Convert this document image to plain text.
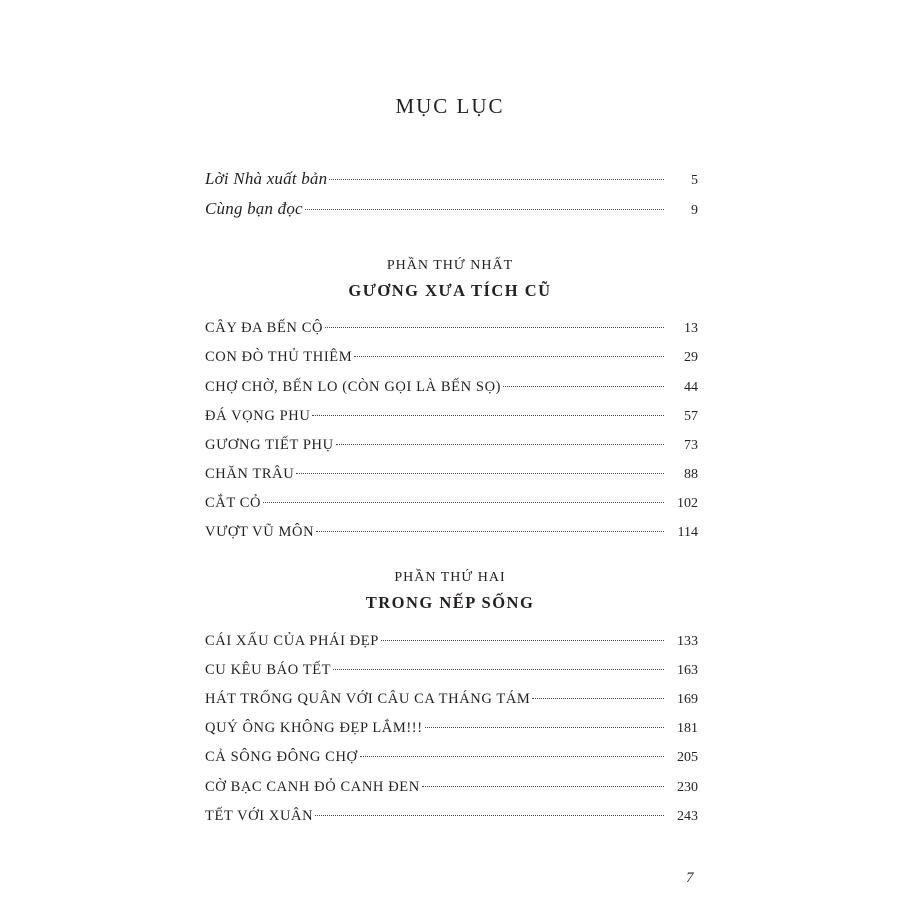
MỤC LỤC
Lời Nhà xuất bản	5
Cùng bạn đọc	9
PHẦN THỨ NHẤT
GƯƠNG XƯA TÍCH CŨ
CÂY ĐA BẾN CỘ	13
CON ĐÒ THỦ THIÊM	29
CHỢ CHỜ, BẾN LO (CÒN GỌI LÀ BẾN SỌ)	44
ĐÁ VỌNG PHU	57
GƯƠNG TIẾT PHỤ	73
CHĂN TRÂU	88
CẮT CỎ	102
VƯỢT VŨ MÔN	114
PHẦN THỨ HAI
TRONG NẾP SỐNG
CÁI XẤU CỦA PHÁI ĐẸP	133
CU KÊU BÁO TẾT	163
HÁT TRỐNG QUÂN VỚI CÂU CA THÁNG TÁM	169
QUÝ ÔNG KHÔNG ĐẸP LẮM!!!	181
CẢ SÔNG ĐÔNG CHỢ	205
CỜ BẠC CANH ĐỎ CANH ĐEN	230
TẾT VỚI XUÂN	243
7
